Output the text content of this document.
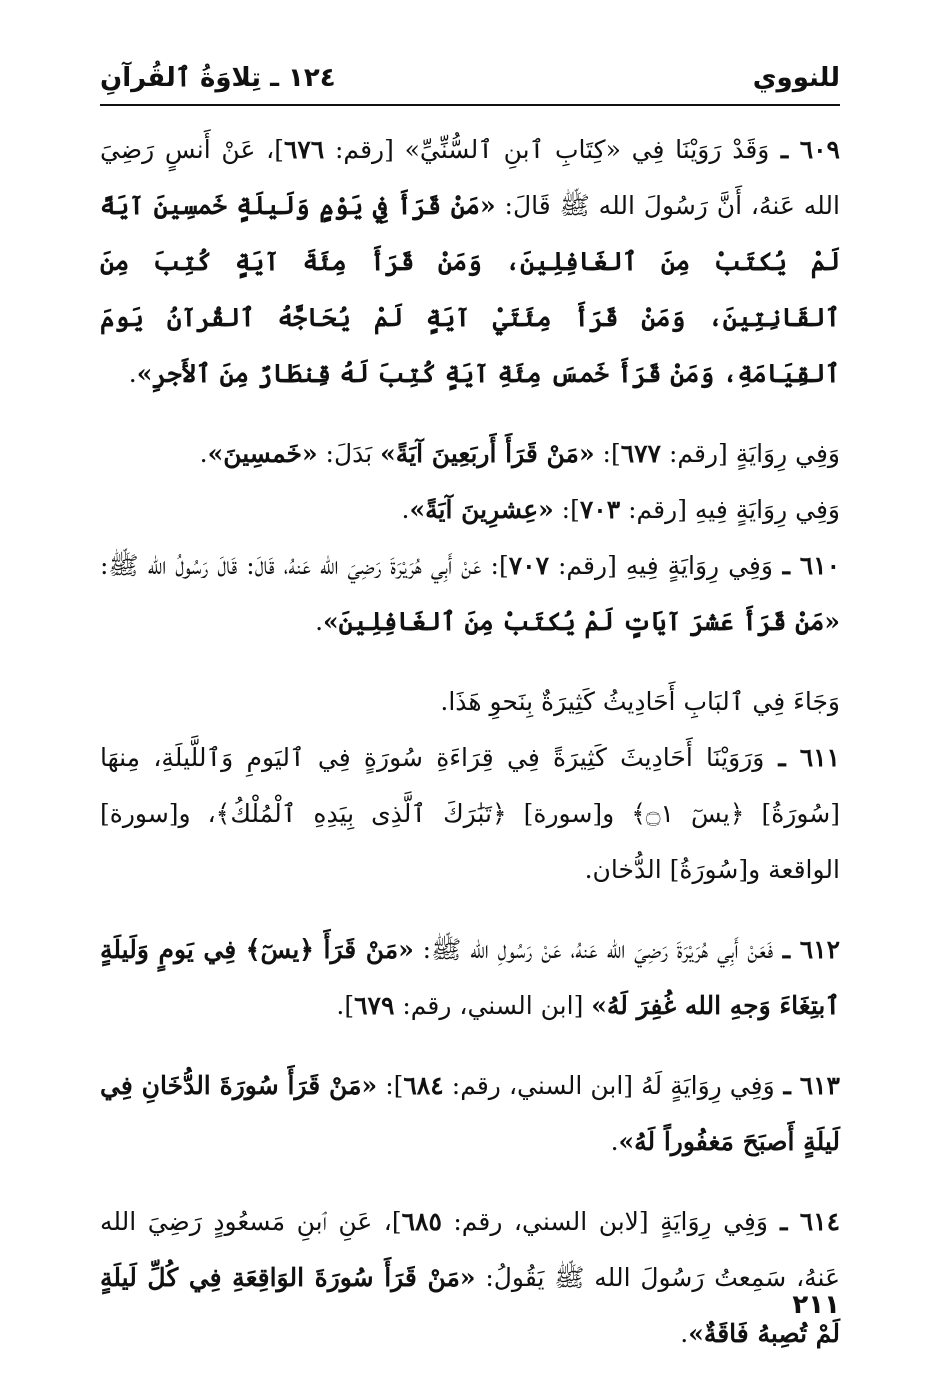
للنووي
١٢٤ ـ تِلاوَةُ ٱلقُرآنِ

٦٠٩ ـ وَقَدْ رَوَيْنَا فِي «كِتَابِ ٱبنِ ٱلسُّنِّيِّ» [رقم: ٦٧٦]، عَنْ أَنسٍ رَضِيَ الله عَنهُ، أَنَّ رَسُولَ الله ﷺ قَالَ: «مَنْ قَرَأَ فِي يَوْمٍ وَلَيلَةٍ خَمسِينَ آيَةً لَمْ يُكتَبْ مِنَ ٱلغَافِلِينَ، وَمَنْ قَرَأَ مِئَةَ آيَةٍ كُتِبَ مِنَ ٱلقَانِتِينَ، وَمَنْ قَرَأَ مِئَتَيْ آيَةٍ لَمْ يُحَاجَّهُ ٱلقُرآنُ يَومَ ٱلقِيَامَةِ، وَمَنْ قَرَأَ خَمسَ مِئَةِ آيَةٍ كُتِبَ لَهُ قِنطَارٌ مِنَ ٱلأَجرِ».

وَفِي رِوَايَةٍ [رقم: ٦٧٧]: «مَنْ قَرَأَ أَربَعِينَ آيَةً» بَدَلَ: «خَمسِينَ».

وَفِي رِوَايَةٍ فِيهِ [رقم: ٧٠٣]: «عِشرِينَ آيَةً».

٦١٠ ـ وَفِي رِوَايَةٍ فِيهِ [رقم: ٧٠٧]: عَنْ أَبِي هُرَيْرَةَ رَضِيَ الله عَنهُ، قَالَ: قَالَ رَسُولُ الله ﷺ: «مَنْ قَرَأَ عَشرَ آيَاتٍ لَمْ يُكتَبْ مِنَ ٱلغَافِلِينَ».

وَجَاءَ فِي ٱلبَابِ أَحَادِيثُ كَثِيرَةٌ بِنَحوِ هَذَا.

٦١١ ـ وَرَوَيْنَا أَحَادِيثَ كَثِيرَةً فِي قِرَاءَةِ سُورَةٍ فِي ٱليَومِ وَٱللَّيلَةِ، مِنهَا [سُورَةُ] ﴿يسٓ ۝١﴾ و[سورة] ﴿تَبَٰرَكَ ٱلَّذِى بِيَدِهِ ٱلْمُلْكُ﴾، و[سورة] الواقعة و[سُورَةُ] الدُّخان.

٦١٢ ـ فَعَنْ أَبِي هُرَيْرَةَ رَضِيَ الله عَنهُ، عَنْ رَسُولِ الله ﷺ: «مَنْ قَرَأَ ﴿يسٓ﴾ فِي يَومٍ وَلَيلَةٍ ٱبتِغَاءَ وَجهِ الله غُفِرَ لَهُ» [ابن السني، رقم: ٦٧٩].

٦١٣ ـ وَفِي رِوَايَةٍ لَهُ [ابن السني، رقم: ٦٨٤]: «مَنْ قَرَأَ سُورَةَ الدُّخَانِ فِي لَيلَةٍ أَصبَحَ مَغفُوراً لَهُ».

٦١٤ ـ وَفِي رِوَايَةٍ [لابن السني، رقم: ٦٨٥]، عَنِ ٱبنِ مَسعُودٍ رَضِيَ الله عَنهُ، سَمِعتُ رَسُولَ الله ﷺ يَقُولُ: «مَنْ قَرَأَ سُورَةَ الوَاقِعَةِ فِي كُلِّ لَيلَةٍ لَمْ تُصِبهُ فَاقَةٌ».

٢١١
